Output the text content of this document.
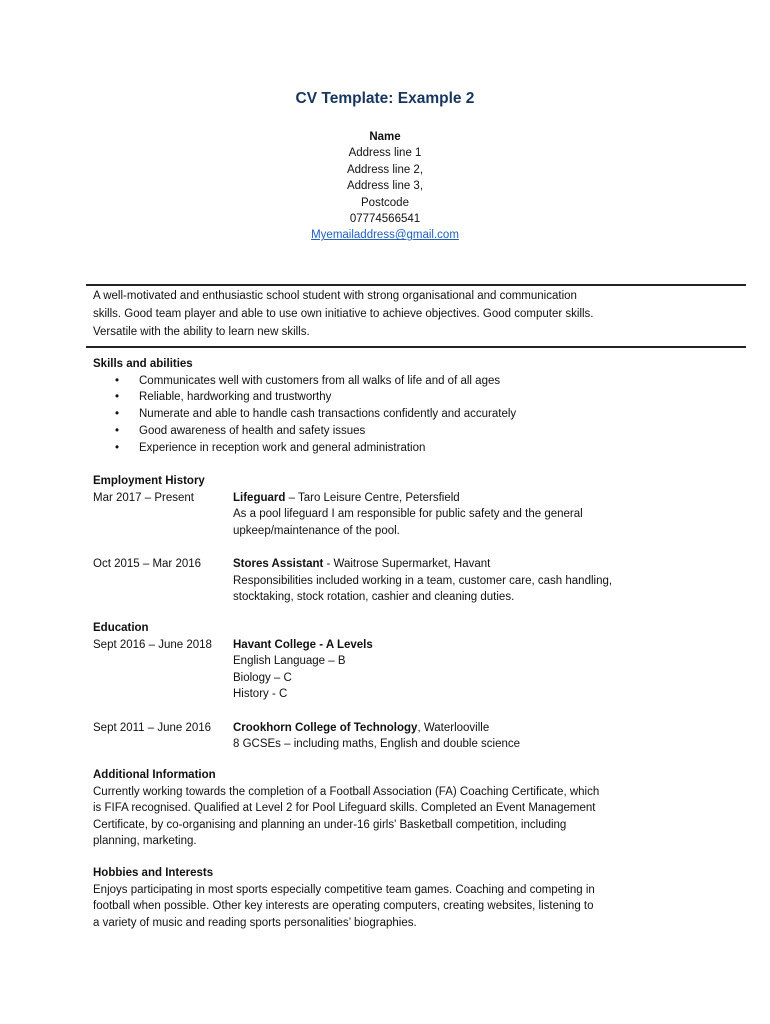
CV Template: Example 2
Name
Address line 1
Address line 2,
Address line 3,
Postcode
07774566541
Myemailaddress@gmail.com
A well-motivated and enthusiastic school student with strong organisational and communication
skills. Good team player and able to use own initiative to achieve objectives. Good computer skills.
Versatile with the ability to learn new skills.
Skills and abilities
• Communicates well with customers from all walks of life and of all ages
• Reliable, hardworking and trustworthy
• Numerate and able to handle cash transactions confidently and accurately
• Good awareness of health and safety issues
• Experience in reception work and general administration
Employment History
Mar 2017 – Present	Lifeguard – Taro Leisure Centre, Petersfield
As a pool lifeguard I am responsible for public safety and the general
upkeep/maintenance of the pool.
Oct 2015 – Mar 2016	Stores Assistant - Waitrose Supermarket, Havant
Responsibilities included working in a team, customer care, cash handling,
stocktaking, stock rotation, cashier and cleaning duties.
Education
Sept 2016 – June 2018	Havant College - A Levels
English Language – B
Biology – C
History - C
Sept 2011 – June 2016	Crookhorn College of Technology, Waterlooville
8 GCSEs – including maths, English and double science
Additional Information
Currently working towards the completion of a Football Association (FA) Coaching Certificate, which
is FIFA recognised. Qualified at Level 2 for Pool Lifeguard skills. Completed an Event Management
Certificate, by co-organising and planning an under-16 girls' Basketball competition, including
planning, marketing.
Hobbies and Interests
Enjoys participating in most sports especially competitive team games. Coaching and competing in
football when possible. Other key interests are operating computers, creating websites, listening to
a variety of music and reading sports personalities’ biographies.
